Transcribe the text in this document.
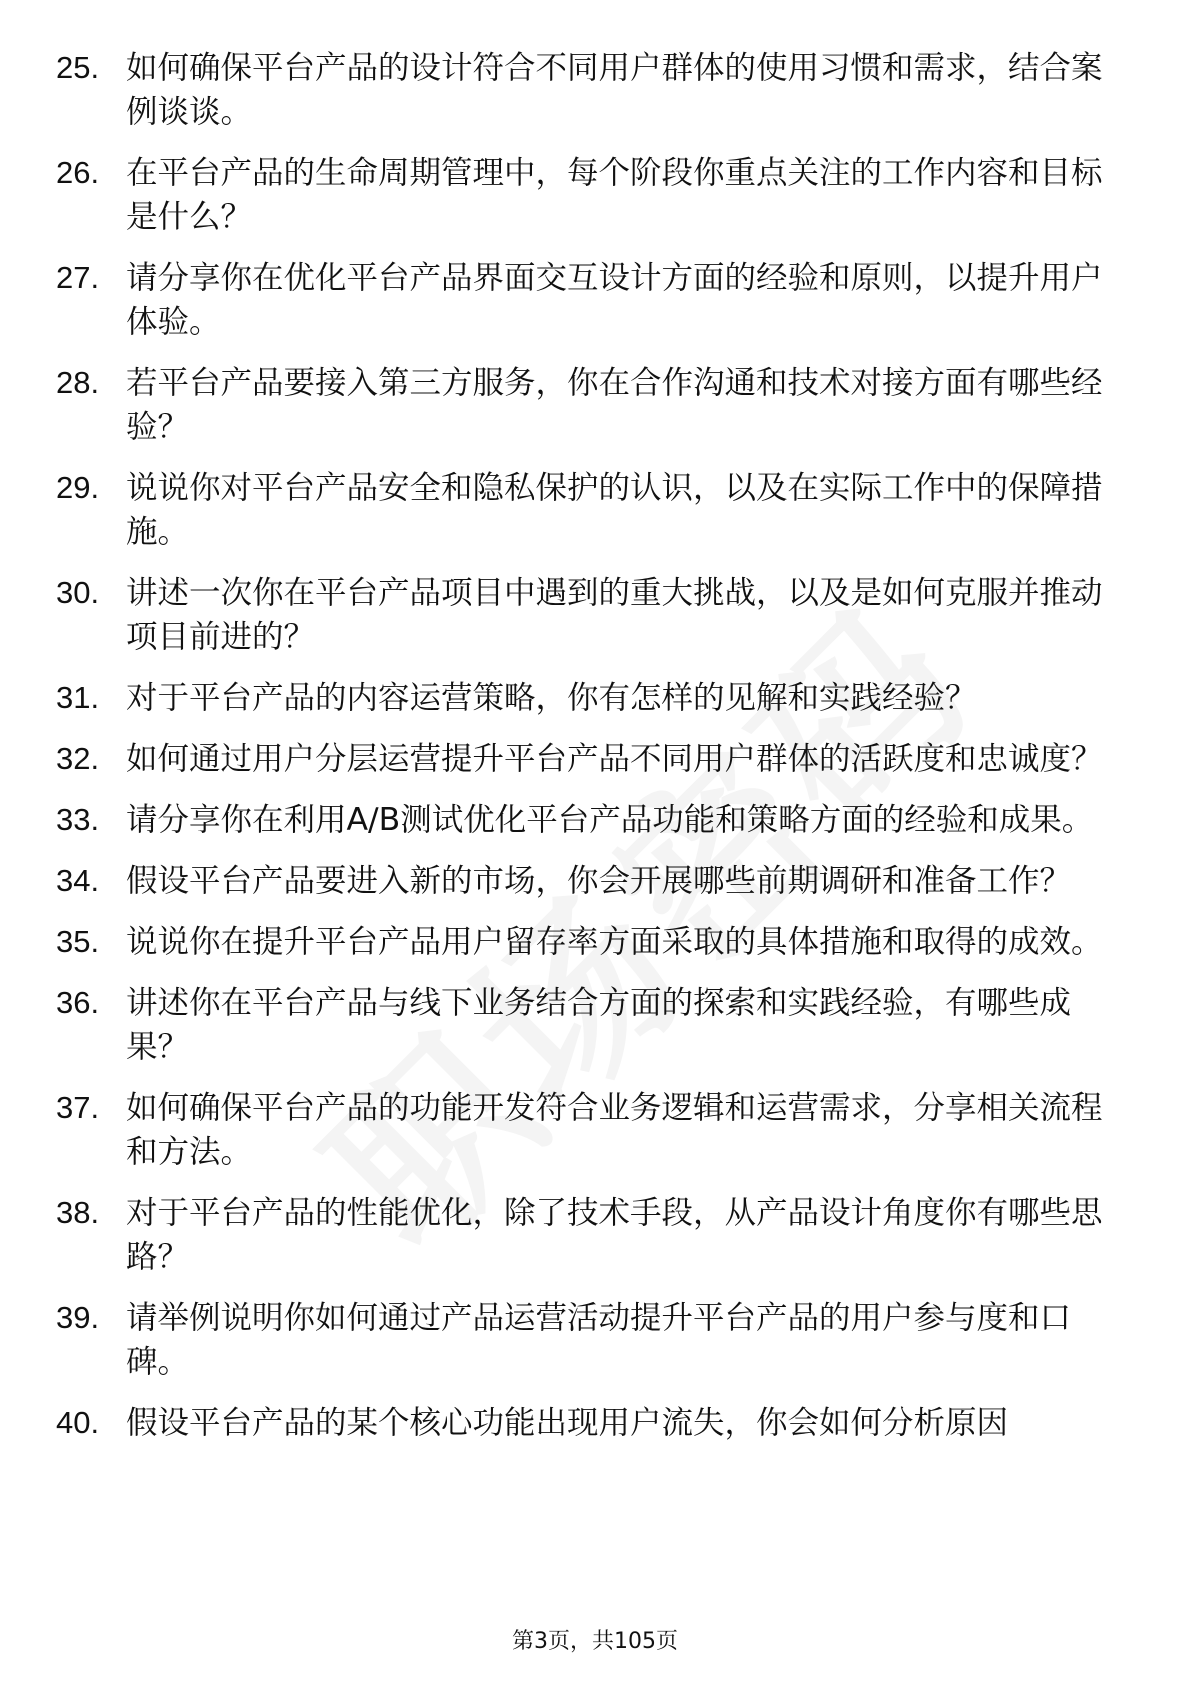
25. 如何确保平台产品的设计符合不同用户群体的使用习惯和需求，结合案例谈谈。
26. 在平台产品的生命周期管理中，每个阶段你重点关注的工作内容和目标是什么？
27. 请分享你在优化平台产品界面交互设计方面的经验和原则，以提升用户体验。
28. 若平台产品要接入第三方服务，你在合作沟通和技术对接方面有哪些经验？
29. 说说你对平台产品安全和隐私保护的认识，以及在实际工作中的保障措施。
30. 讲述一次你在平台产品项目中遇到的重大挑战，以及是如何克服并推动项目前进的？
31. 对于平台产品的内容运营策略，你有怎样的见解和实践经验？
32. 如何通过用户分层运营提升平台产品不同用户群体的活跃度和忠诚度？
33. 请分享你在利用A/B测试优化平台产品功能和策略方面的经验和成果。
34. 假设平台产品要进入新的市场，你会开展哪些前期调研和准备工作？
35. 说说你在提升平台产品用户留存率方面采取的具体措施和取得的成效。
36. 讲述你在平台产品与线下业务结合方面的探索和实践经验，有哪些成果？
37. 如何确保平台产品的功能开发符合业务逻辑和运营需求，分享相关流程和方法。
38. 对于平台产品的性能优化，除了技术手段，从产品设计角度你有哪些思路？
39. 请举例说明你如何通过产品运营活动提升平台产品的用户参与度和口碑。
40. 假设平台产品的某个核心功能出现用户流失，你会如何分析原因
第3页，共105页
